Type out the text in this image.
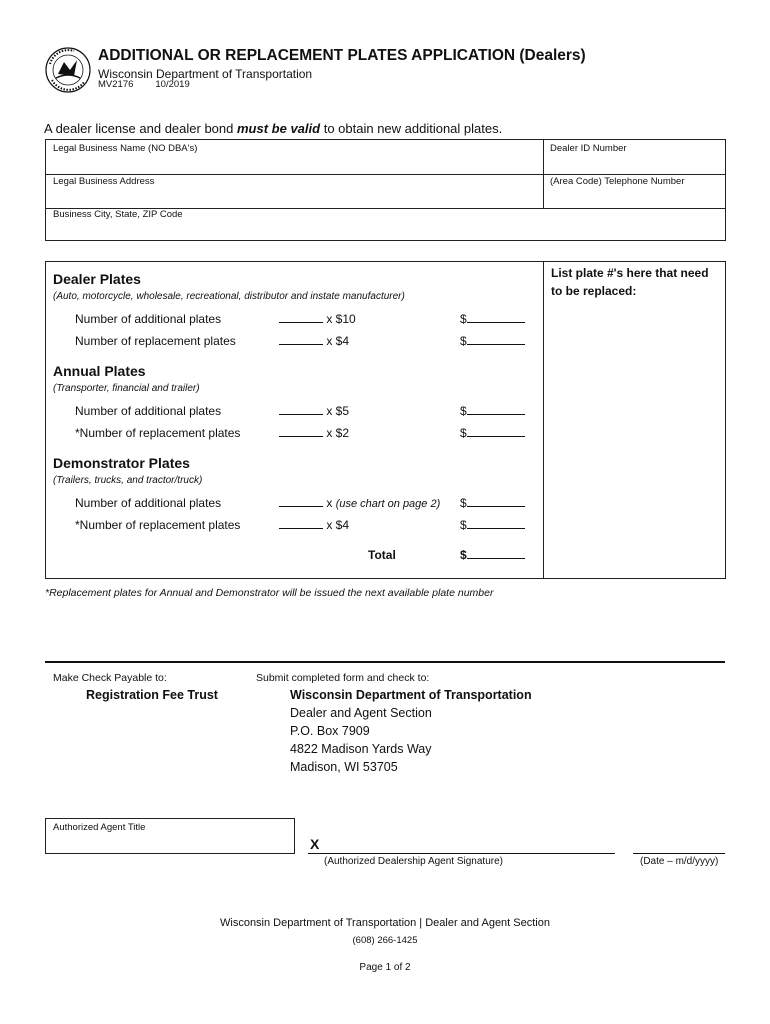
ADDITIONAL OR REPLACEMENT PLATES APPLICATION (Dealers)
Wisconsin Department of Transportation
MV2176 10/2019
A dealer license and dealer bond must be valid to obtain new additional plates.
Legal Business Name (NO DBA's)	Dealer ID Number
Legal Business Address	(Area Code) Telephone Number
Business City, State, ZIP Code
List plate #'s here that need to be replaced:
Dealer Plates
(Auto, motorcycle, wholesale, recreational, distributor and instate manufacturer)
Number of additional plates	x $10	$
Number of replacement plates	x $4	$
Annual Plates
(Transporter, financial and trailer)
Number of additional plates	x $5	$
*Number of replacement plates	x $2	$
Demonstrator Plates
(Trailers, trucks, and tractor/truck)
Number of additional plates	x (use chart on page 2) $
*Number of replacement plates	x $4	$
Total	$
*Replacement plates for Annual and Demonstrator will be issued the next available plate number
Make Check Payable to:
Registration Fee Trust
Submit completed form and check to:
Wisconsin Department of Transportation
Dealer and Agent Section
P.O. Box 7909
4822 Madison Yards Way
Madison, WI 53705
Authorized Agent Title
X
(Authorized Dealership Agent Signature)	(Date – m/d/yyyy)
Wisconsin Department of Transportation | Dealer and Agent Section
(608) 266-1425
Page 1 of 2
